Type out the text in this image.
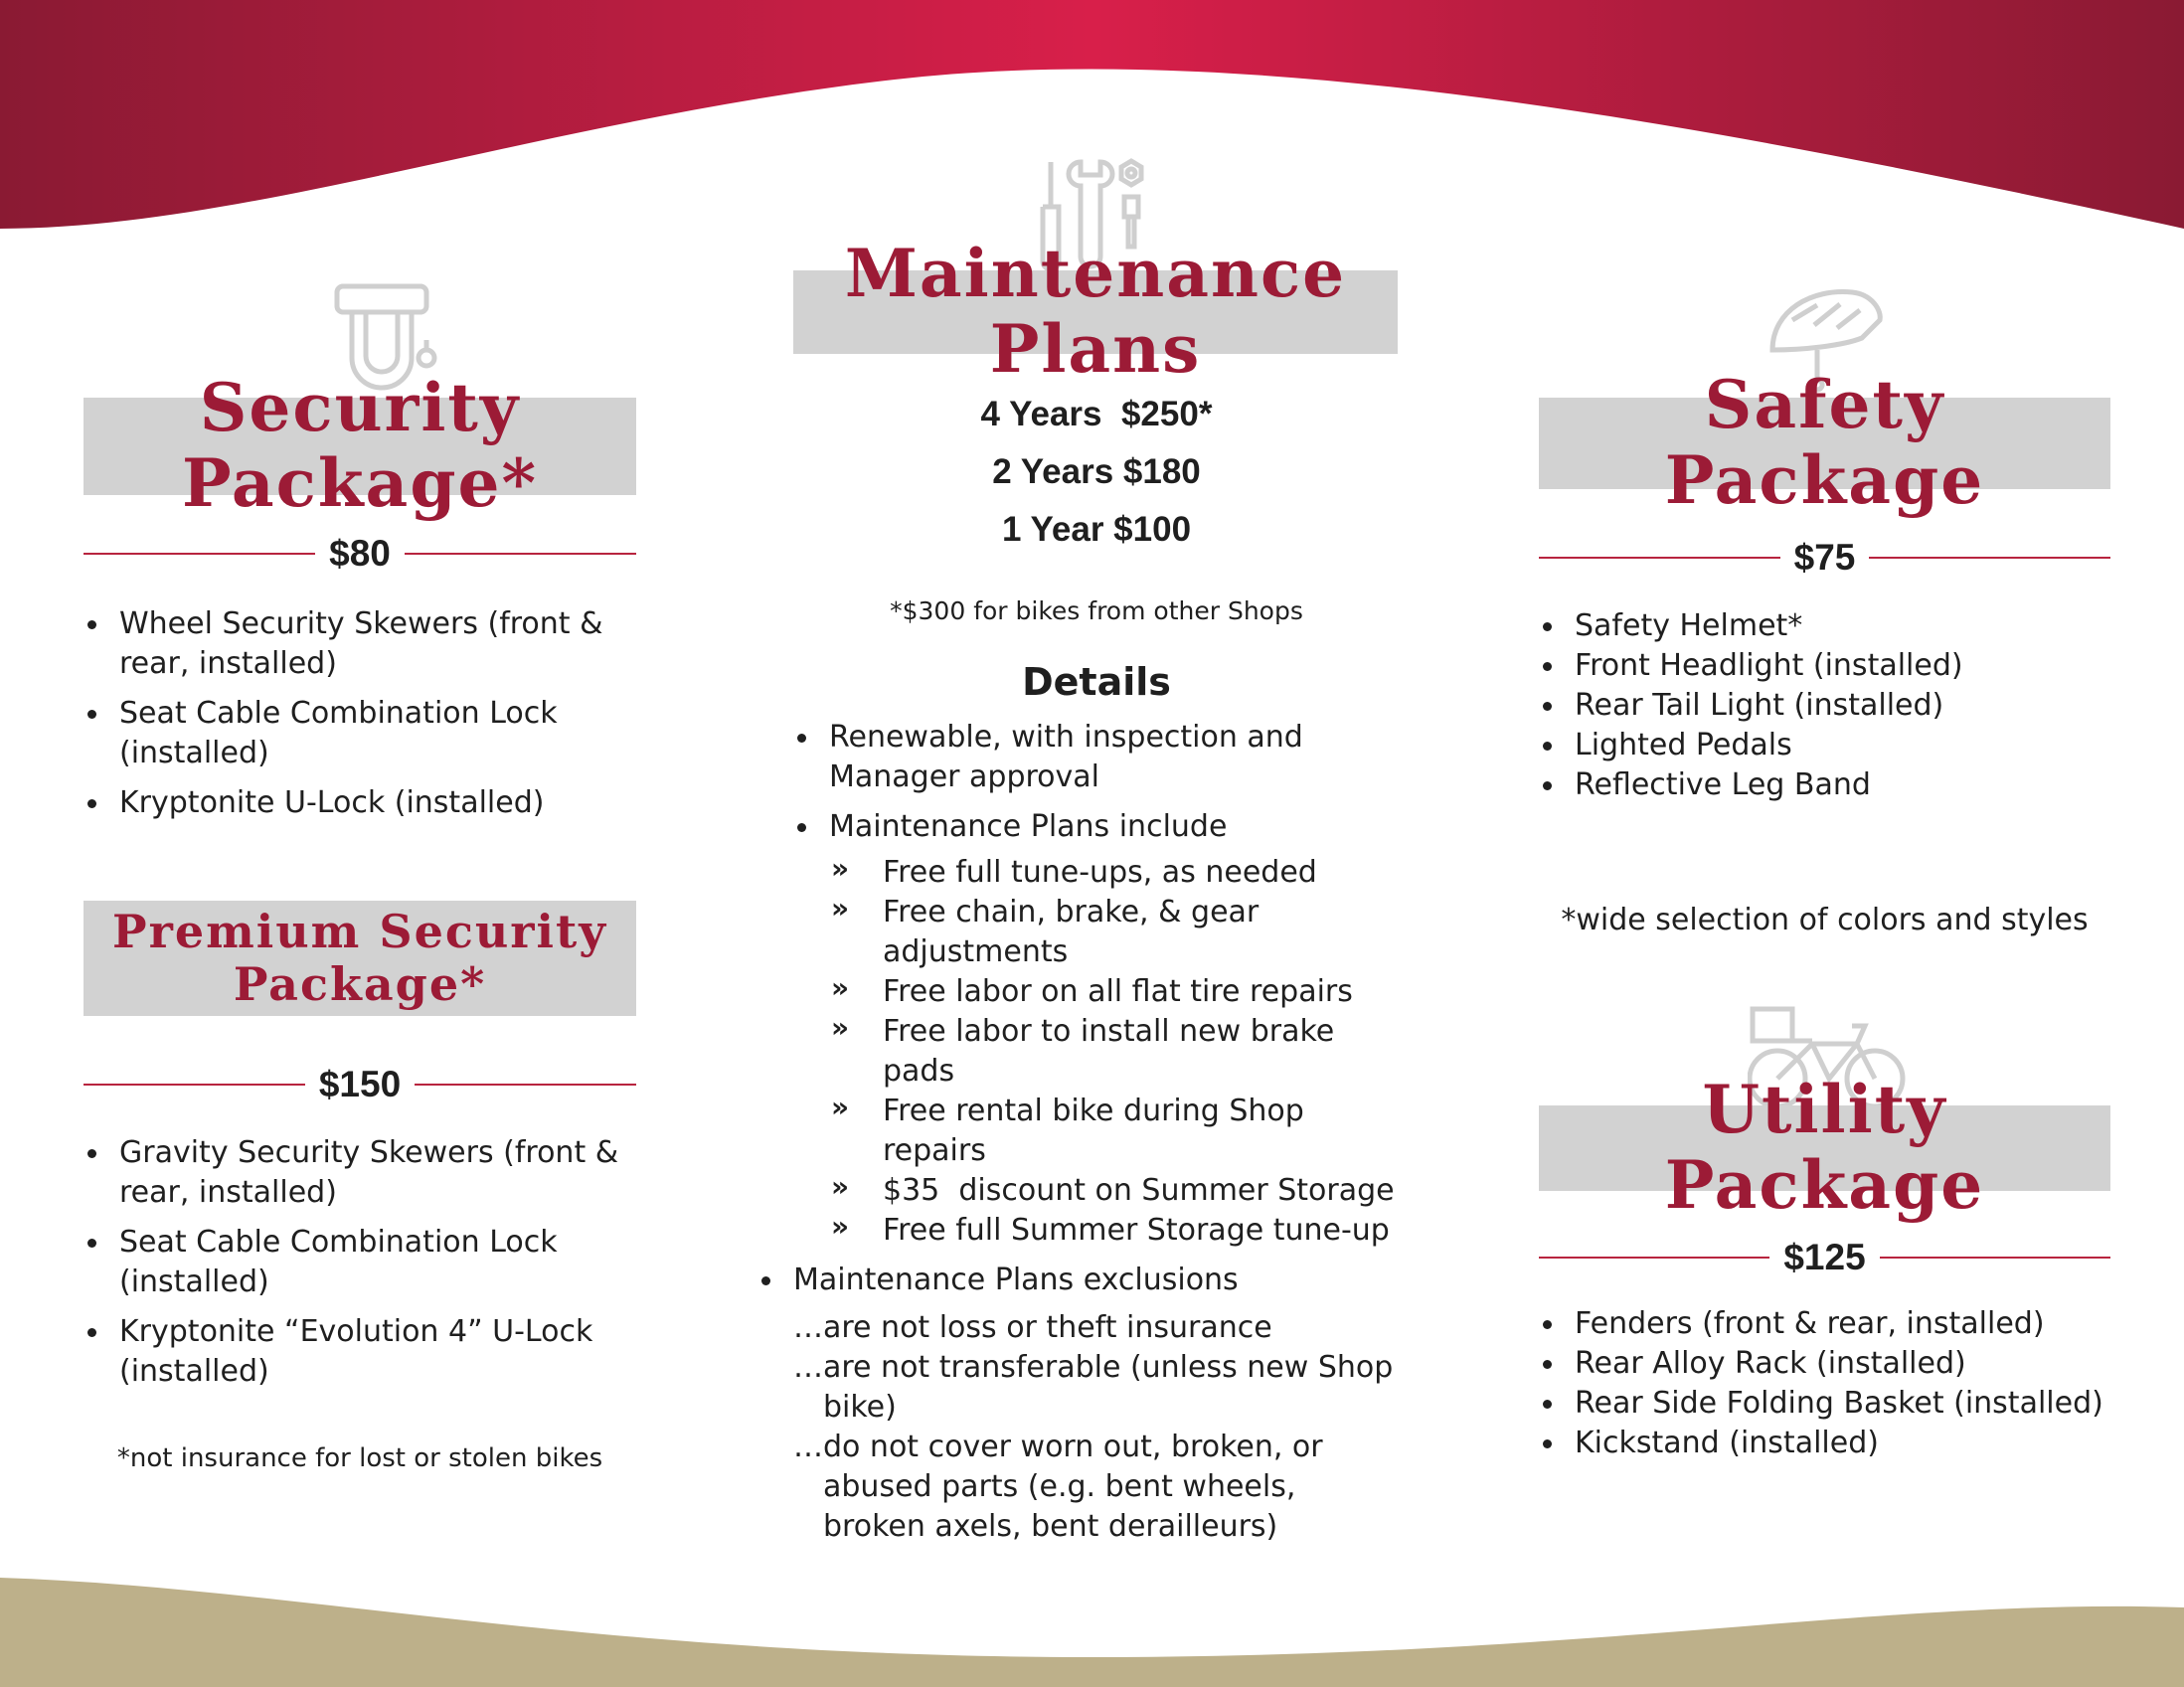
Security Package*
$80
Wheel Security Skewers (front & rear, installed)
Seat Cable Combination Lock (installed)
Kryptonite U-Lock (installed)
Premium Security
Package*
$150
Gravity Security Skewers (front & rear, installed)
Seat Cable Combination Lock (installed)
Kryptonite “Evolution 4” U-Lock (installed)
*not insurance for lost or stolen bikes
Maintenance Plans
4 Years  $250*
2 Years $180
1 Year $100
*$300 for bikes from other Shops
Details
Renewable, with inspection and Manager approval
Maintenance Plans include
» Free full tune-ups, as needed
» Free chain, brake, & gear adjustments
» Free labor on all flat tire repairs
» Free labor to install new brake pads
» Free rental bike during Shop repairs
» $35  discount on Summer Storage
» Free full Summer Storage tune-up
Maintenance Plans exclusions
… are not loss or theft insurance
… are not transferable (unless new Shop bike)
… do not cover worn out, broken, or abused parts (e.g. bent wheels, broken axels, bent derailleurs)
Safety Package
$75
Safety Helmet*
Front Headlight (installed)
Rear Tail Light (installed)
Lighted Pedals
Reflective Leg Band
*wide selection of colors and styles
Utility Package
$125
Fenders (front & rear, installed)
Rear Alloy Rack (installed)
Rear Side Folding Basket (installed)
Kickstand (installed)
